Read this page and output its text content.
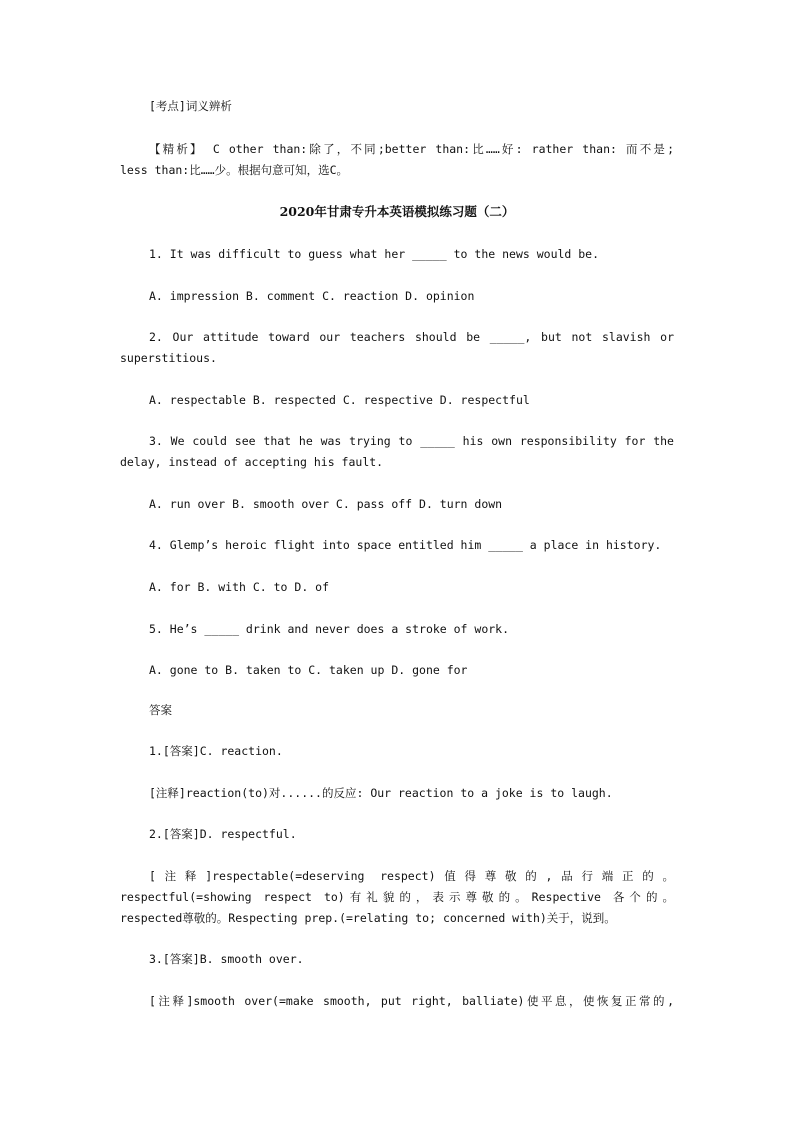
[考点]词义辨析
【精析】 C other than:除了，不同;better than:比……好: rather than: 而不是;
less than:比……少。根据句意可知，选C。
2020年甘肃专升本英语模拟练习题（二）
1. It was difficult to guess what her _____ to the news would be.
A. impression B. comment C. reaction D. opinion
2. Our attitude toward our teachers should be _____, but not slavish or
superstitious.
A. respectable B. respected C. respective D. respectful
3. We could see that he was trying to _____ his own responsibility for the
delay, instead of accepting his fault.
A. run over B. smooth over C. pass off D. turn down
4. Glemp’s heroic flight into space entitled him _____ a place in history.
A. for B. with C. to D. of
5. He’s _____ drink and never does a stroke of work.
A. gone to B. taken to C. taken up D. gone for
答案
1.[答案]C. reaction.
[注释]reaction(to)对......的反应: Our reaction to a joke is to laugh.
2.[答案]D. respectful.
[注释]respectable(=deserving respect)值得尊敬的,品行端正的。
respectful(=showing respect to)有礼貌的，表示尊敬的。Respective 各个的。
respected尊敬的。Respecting prep.(=relating to; concerned with)关于，说到。
3.[答案]B. smooth over.
[注释]smooth over(=make smooth, put right, balliate)使平息，使恢复正常的,
